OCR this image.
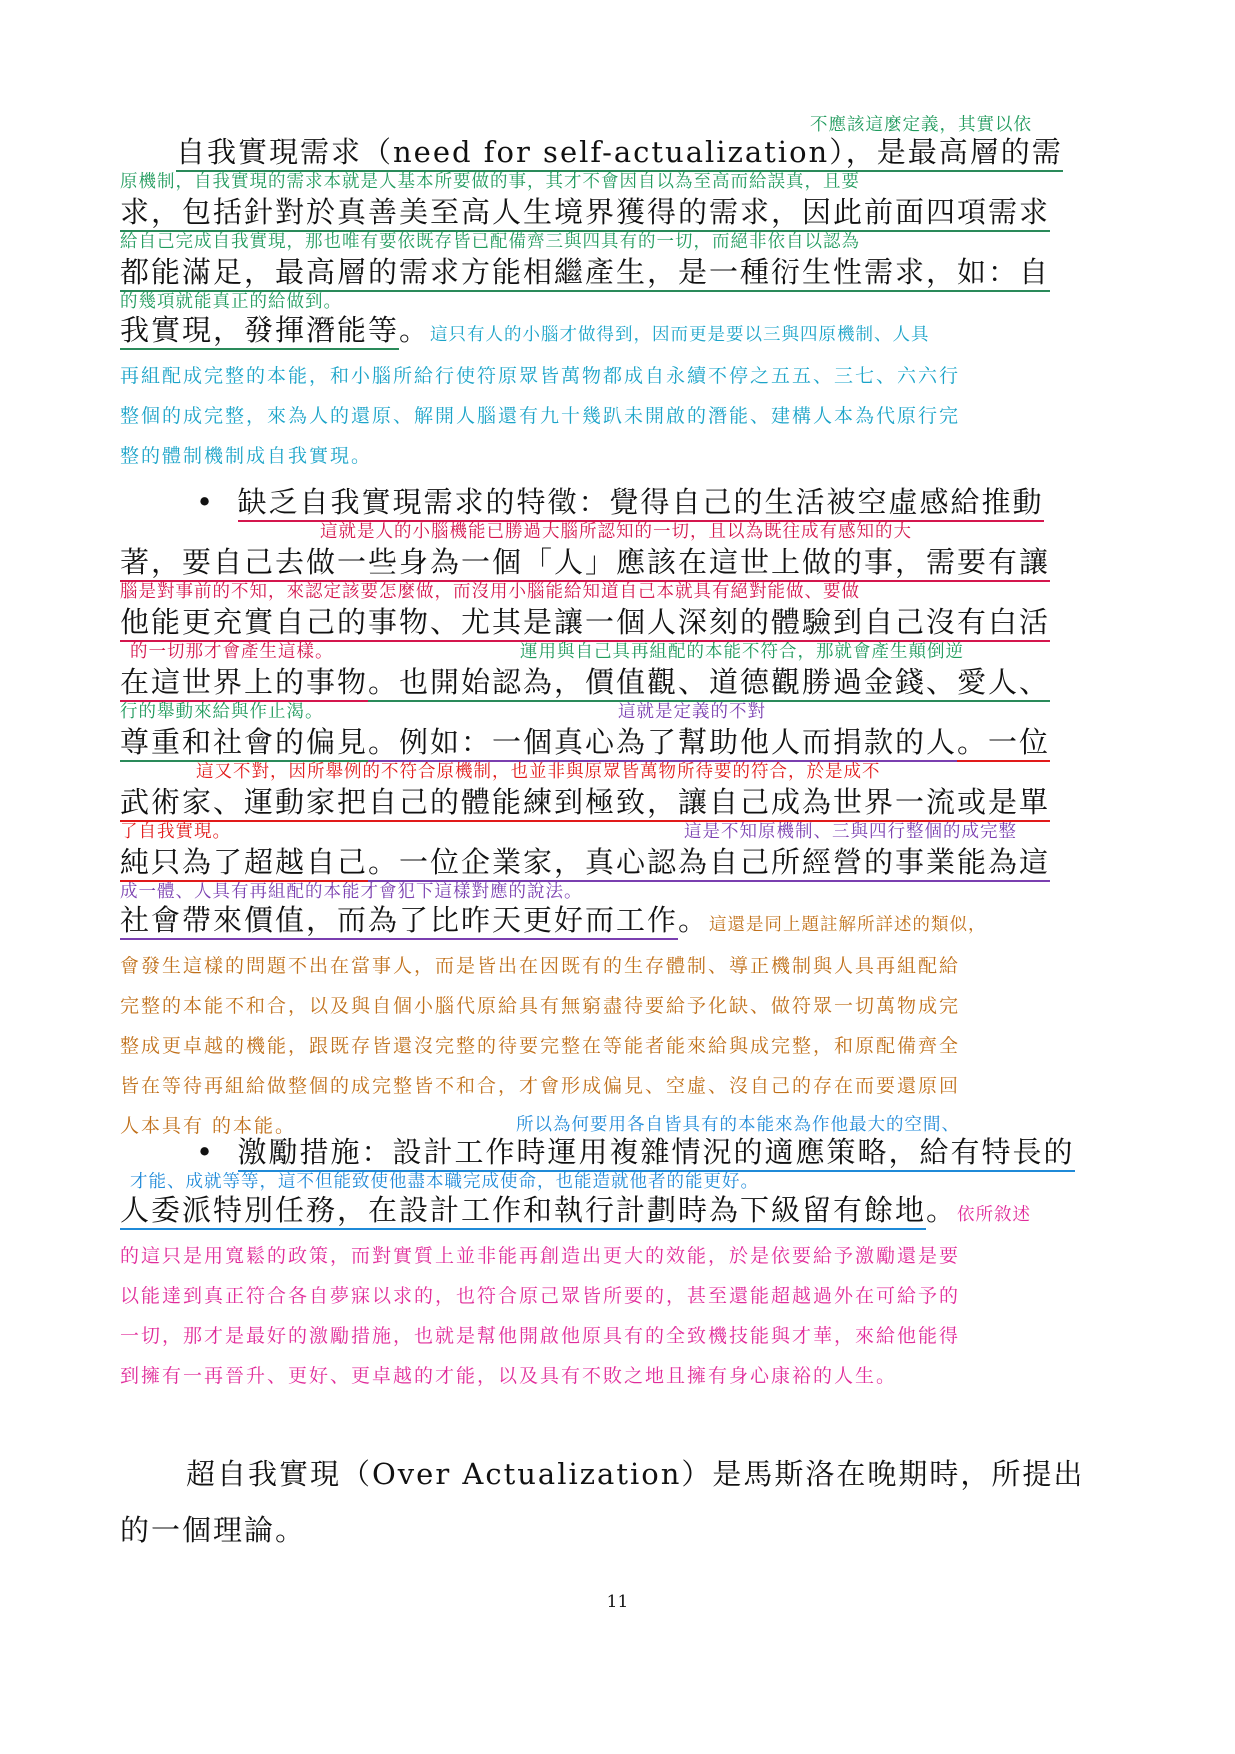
不應該這麼定義，其實以依
自我實現需求（need for self-actualization），是最高層的需
原機制，自我實現的需求本就是人基本所要做的事，其才不會因自以為至高而給誤真，且要
求，包括針對於真善美至高人生境界獲得的需求，因此前面四項需求
給自己完成自我實現，那也唯有要依既存皆已配備齊三與四具有的一切，而絕非依自以認為
都能滿足，最高層的需求方能相繼產生，是一種衍生性需求，如：自
的幾項就能真正的給做到。
我實現，發揮潛能等。這只有人的小腦才做得到，因而更是要以三與四原機制、人具
再組配成完整的本能，和小腦所給行使符原眾皆萬物都成自永續不停之五五、三七、六六行
整個的成完整，來為人的還原、解開人腦還有九十幾趴未開啟的潛能、建構人本為代原行完
整的體制機制成自我實現。
• 缺乏自我實現需求的特徵：覺得自己的生活被空虛感給推動
這就是人的小腦機能已勝過大腦所認知的一切，且以為既往成有感知的大
著，要自己去做一些身為一個「人」應該在這世上做的事，需要有讓
腦是對事前的不知，來認定該要怎麼做，而沒用小腦能給知道自己本就具有絕對能做、要做
他能更充實自己的事物、尤其是讓一個人深刻的體驗到自己沒有白活
的一切那才會產生這樣。	運用與自己具再組配的本能不符合，那就會產生顛倒逆
在這世界上的事物。也開始認為，價值觀、道德觀勝過金錢、愛人、
行的舉動來給與作止渴。	這就是定義的不對
尊重和社會的偏見。例如：一個真心為了幫助他人而捐款的人。一位
這又不對，因所舉例的不符合原機制，也並非與原眾皆萬物所待要的符合，於是成不
武術家、運動家把自己的體能練到極致，讓自己成為世界一流或是單
了自我實現。	這是不知原機制、三與四行整個的成完整
純只為了超越自己。一位企業家，真心認為自己所經營的事業能為這
成一體、人具有再組配的本能才會犯下這樣對應的說法。
社會帶來價值，而為了比昨天更好而工作。這還是同上題註解所詳述的類似，
會發生這樣的問題不出在當事人，而是皆出在因既有的生存體制、導正機制與人具再組配給
完整的本能不和合，以及與自個小腦代原給具有無窮盡待要給予化缺、做符眾一切萬物成完
整成更卓越的機能，跟既存皆還沒完整的待要完整在等能者能來給與成完整，和原配備齊全
皆在等待再組給做整個的成完整皆不和合，才會形成偏見、空虛、沒自己的存在而要還原回
人本具有 的本能。	所以為何要用各自皆具有的本能來為作他最大的空間、
• 激勵措施：設計工作時運用複雜情況的適應策略，給有特長的
才能、成就等等，這不但能致使他盡本職完成使命，也能造就他者的能更好。
人委派特別任務，在設計工作和執行計劃時為下級留有餘地。依所敘述
的這只是用寬鬆的政策，而對實質上並非能再創造出更大的效能，於是依要給予激勵還是要
以能達到真正符合各自夢寐以求的，也符合原己眾皆所要的，甚至還能超越過外在可給予的
一切，那才是最好的激勵措施，也就是幫他開啟他原具有的全致機技能與才華，來給他能得
到擁有一再晉升、更好、更卓越的才能，以及具有不敗之地且擁有身心康裕的人生。
超自我實現（Over Actualization）是馬斯洛在晚期時，所提出
的一個理論。
11
